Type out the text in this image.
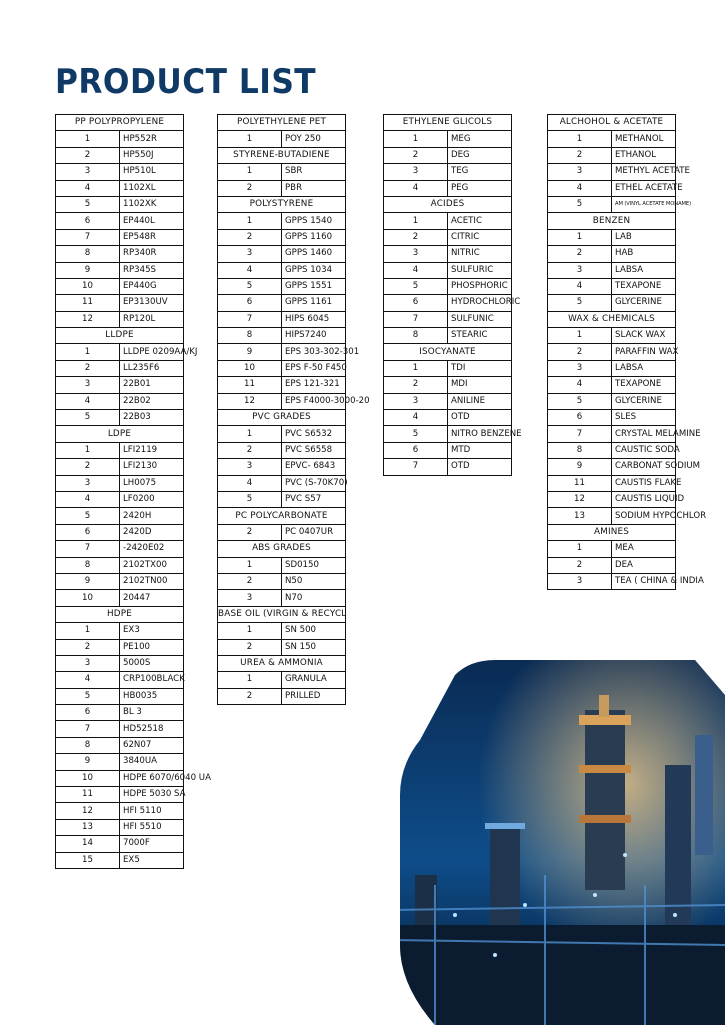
PRODUCT LIST
PP POLYPROPYLENE	
1	HP552R
2	HP550J
3	HP510L
4	1102XL
5	1102XK
6	EP440L
7	EP548R
8	RP340R
9	RP345S
10	EP440G
11	EP3130UV
12	RP120L
LLDPE	
1	LLDPE 0209AA/KJ
2	LL235F6
3	22B01
4	22B02
5	22B03
LDPE	
1	LFI2119
2	LFI2130
3	LH0075
4	LF0200
5	2420H
6	2420D
7	-2420E02
8	2102TX00
9	2102TN00
10	20447
HDPE	
1	EX3
2	PE100
3	5000S
4	CRP100BLACK
5	HB0035
6	BL 3
7	HD52518
8	62N07
9	3840UA
10	HDPE 6070/6040 UA
11	HDPE 5030 SA
12	HFI 5110
13	HFI 5510
14	7000F
15	EX5
POLYETHYLENE PET	
1	POY 250
STYRENE-BUTADIENE	
1	SBR
2	PBR
POLYSTYRENE	
1	GPPS 1540
2	GPPS 1160
3	GPPS 1460
4	GPPS 1034
5	GPPS 1551
6	GPPS 1161
7	HIPS 6045
8	HIPS7240
9	EPS 303-302-301
10	EPS F-50 F450
11	EPS 121-321
12	EPS F4000-3000-20
PVC GRADES	
1	PVC S6532
2	PVC S6558
3	EPVC- 6843
4	PVC (S-70K70)
5	PVC S57
PC POLYCARBONATE	
2	PC 0407UR
ABS GRADES	
1	SD0150
2	N50
3	N70
BASE OIL (VIRGIN & RECYCL	
1	SN 500
2	SN 150
UREA & AMMONIA	
1	GRANULA
2	PRILLED
ETHYLENE GLICOLS	
1	MEG
2	DEG
3	TEG
4	PEG
ACIDES	
1	ACETIC
2	CITRIC
3	NITRIC
4	SULFURIC
5	PHOSPHORIC
6	HYDROCHLORIC
7	SULFUNIC
8	STEARIC
ISOCYANATE	
1	TDI
2	MDI
3	ANILINE
4	OTD
5	NITRO BENZENE
6	MTD
7	OTD
ALCHOHOL & ACETATE	
1	METHANOL
2	ETHANOL
3	METHYL ACETATE
4	ETHEL ACETATE
5	AM (VINYL ACETATE MONAME)
BENZEN	
1	LAB
2	HAB
3	LABSA
4	TEXAPONE
5	GLYCERINE
WAX & CHEMICALS	
1	SLACK WAX
2	PARAFFIN WAX
3	LABSA
4	TEXAPONE
5	GLYCERINE
6	SLES
7	CRYSTAL MELAMINE
8	CAUSTIC SODA
9	CARBONAT SODIUM
11	CAUSTIS FLAKE
12	CAUSTIS LIQUID
13	SODIUM HYPOCHLOR
AMINES	
1	MEA
2	DEA
3	TEA ( CHINA & INDIA
